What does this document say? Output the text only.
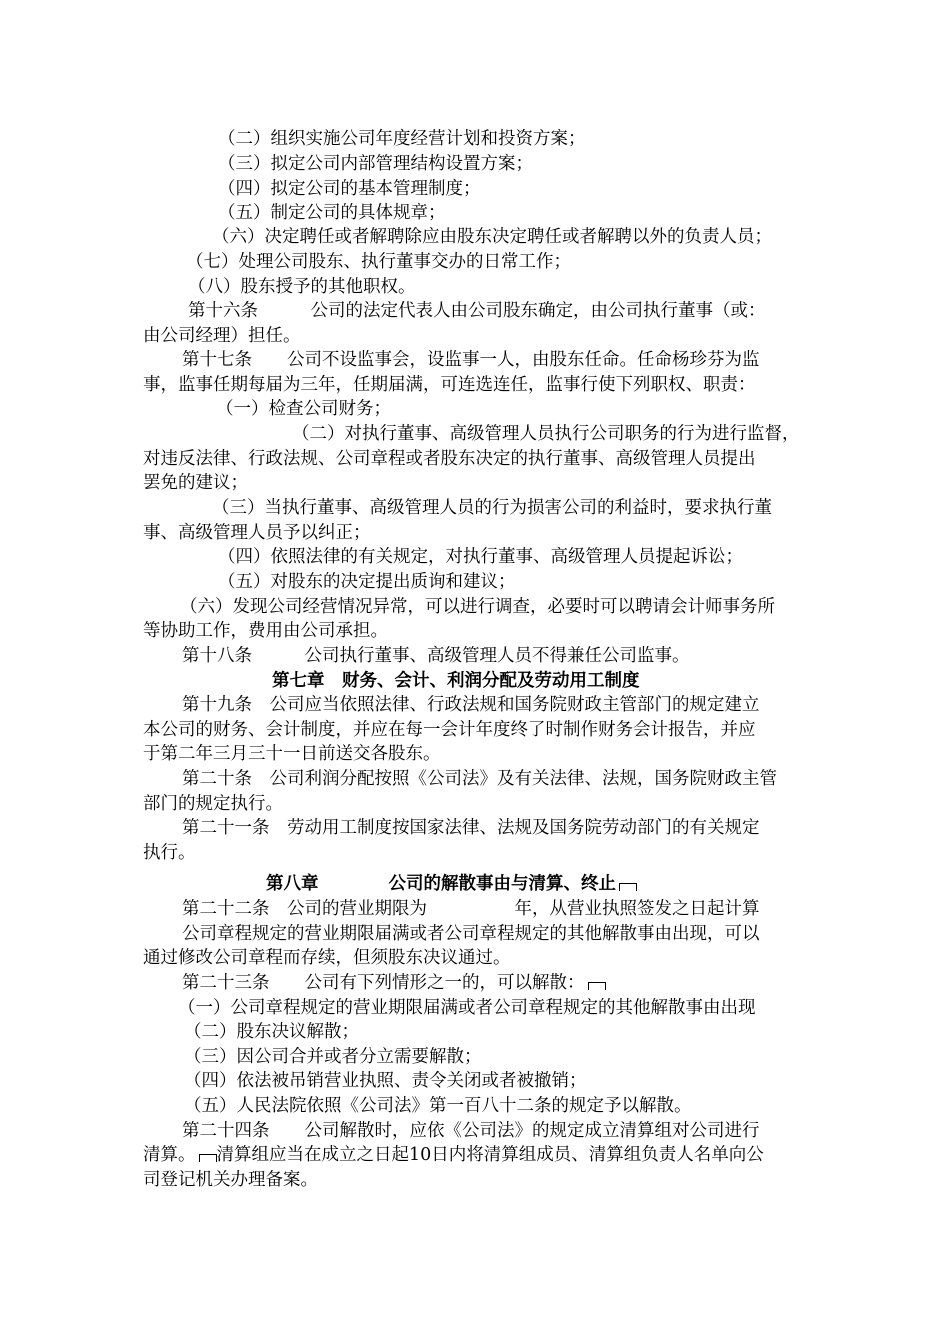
（二）组织实施公司年度经营计划和投资方案；
（三）拟定公司内部管理结构设置方案；
（四）拟定公司的基本管理制度；
（五）制定公司的具体规章；
（六）决定聘任或者解聘除应由股东决定聘任或者解聘以外的负责人员；
（七）处理公司股东、执行董事交办的日常工作；
（八）股东授予的其他职权。
第十六条　　　公司的法定代表人由公司股东确定，由公司执行董事（或：
由公司经理）担任。
第十七条　　公司不设监事会，设监事一人，由股东任命。任命杨珍芬为监
事，监事任期每届为三年，任期届满，可连选连任，监事行使下列职权、职责：
（一）检查公司财务；
（二）对执行董事、高级管理人员执行公司职务的行为进行监督，
对违反法律、行政法规、公司章程或者股东决定的执行董事、高级管理人员提出
罢免的建议；
（三）当执行董事、高级管理人员的行为损害公司的利益时，要求执行董
事、高级管理人员予以纠正；
（四）依照法律的有关规定，对执行董事、高级管理人员提起诉讼；
（五）对股东的决定提出质询和建议；
（六）发现公司经营情况异常，可以进行调查，必要时可以聘请会计师事务所
等协助工作，费用由公司承担。
第十八条　　　公司执行董事、高级管理人员不得兼任公司监事。
第七章　财务、会计、利润分配及劳动用工制度
第十九条　公司应当依照法律、行政法规和国务院财政主管部门的规定建立
本公司的财务、会计制度，并应在每一会计年度终了时制作财务会计报告，并应
于第二年三月三十一日前送交各股东。
第二十条　公司利润分配按照《公司法》及有关法律、法规，国务院财政主管
部门的规定执行。
第二十一条　劳动用工制度按国家法律、法规及国务院劳动部门的有关规定
执行。
第八章　　　　公司的解散事由与清算、终止
第二十二条　公司的营业期限为　　　　　年，从营业执照签发之日起计算
公司章程规定的营业期限届满或者公司章程规定的其他解散事由出现，可以
通过修改公司章程而存续，但须股东决议通过。
第二十三条　　公司有下列情形之一的，可以解散：
（一）公司章程规定的营业期限届满或者公司章程规定的其他解散事由出现
（二）股东决议解散；
（三）因公司合并或者分立需要解散；
（四）依法被吊销营业执照、责令关闭或者被撤销；
（五）人民法院依照《公司法》第一百八十二条的规定予以解散。
第二十四条　　公司解散时，应依《公司法》的规定成立清算组对公司进行
清算。 清算组应当在成立之日起10日内将清算组成员、清算组负责人名单向公
司登记机关办理备案。
